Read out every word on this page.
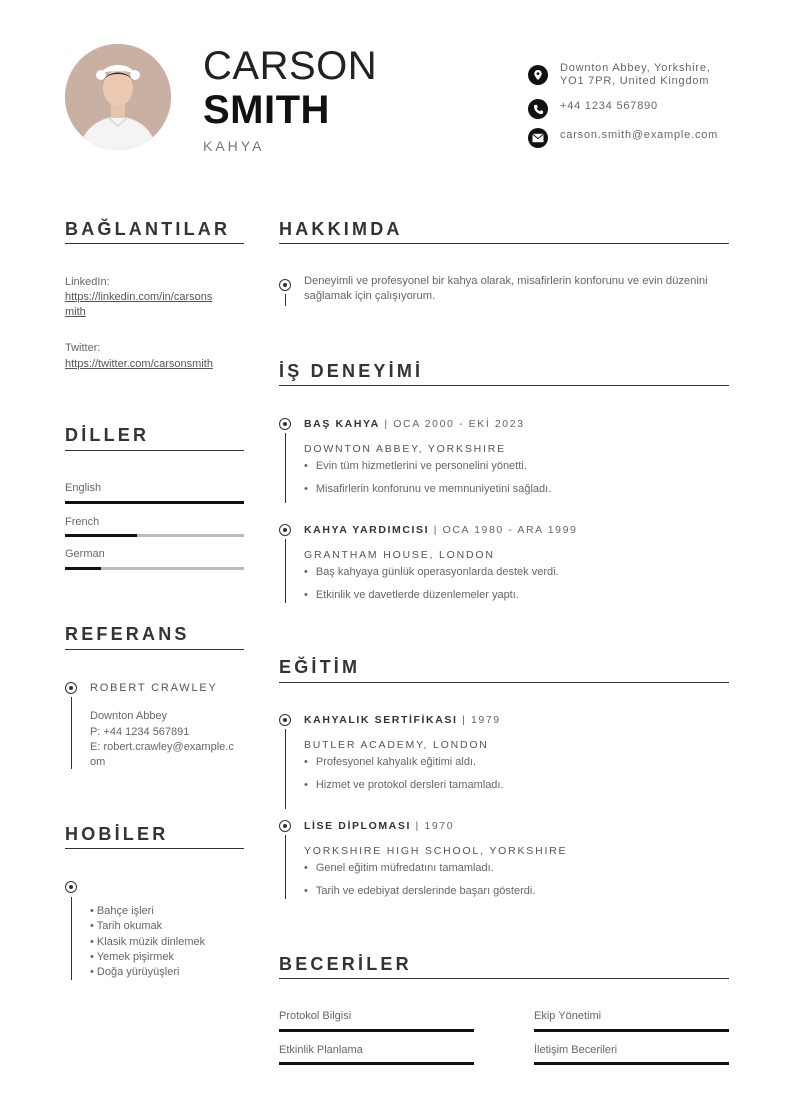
CARSON
SMITH
KAHYA
Downton Abbey, Yorkshire,
YO1 7PR, United Kingdom
+44 1234 567890
carson.smith@example.com
BAĞLANTILAR
LinkedIn:
https://linkedin.com/in/carsons
mith
Twitter:
https://twitter.com/carsonsmith
DİLLER
English
French
German
REFERANS
ROBERT CRAWLEY
Downton Abbey
P: +44 1234 567891
E: robert.crawley@example.c
om
HOBİLER
• Bahçe işleri
• Tarih okumak
• Klasik müzik dinlemek
• Yemek pişirmek
• Doğa yürüyüşleri
HAKKIMDA
Deneyimli ve profesyonel bir kahya olarak, misafirlerin konforunu ve evin düzenini sağlamak için çalışıyorum.
İŞ DENEYİMİ
BAŞ KAHYA | OCA 2000 - EKİ 2023
DOWNTON ABBEY, YORKSHIRE
• Evin tüm hizmetlerini ve personelini yönetti.
• Misafirlerin konforunu ve memnuniyetini sağladı.
KAHYA YARDIMCISI | OCA 1980 - ARA 1999
GRANTHAM HOUSE, LONDON
• Baş kahyaya günlük operasyonlarda destek verdi.
• Etkinlik ve davetlerde düzenlemeler yaptı.
EĞİTİM
KAHYALIK SERTİFİKASI | 1979
BUTLER ACADEMY, LONDON
• Profesyonel kahyalık eğitimi aldı.
• Hizmet ve protokol dersleri tamamladı.
LİSE DİPLOMASI | 1970
YORKSHIRE HIGH SCHOOL, YORKSHIRE
• Genel eğitim müfredatını tamamladı.
• Tarih ve edebiyat derslerinde başarı gösterdi.
BECERİLER
Protokol Bilgisi	Ekip Yönetimi
Etkinlik Planlama	İletişim Becerileri
